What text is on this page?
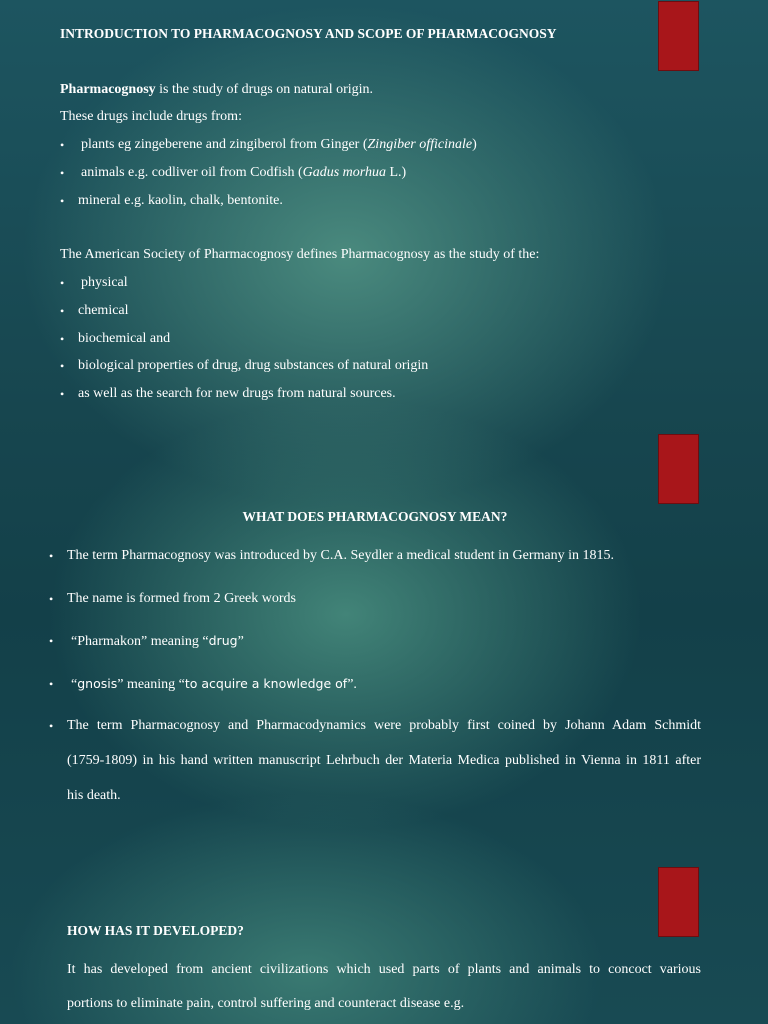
INTRODUCTION TO PHARMACOGNOSY AND SCOPE OF PHARMACOGNOSY
Pharmacognosy is the study of drugs on natural origin.
These drugs include drugs from:
• plants eg zingeberene and zingiberol from Ginger (Zingiber officinale)
• animals e.g. codliver oil from Codfish (Gadus morhua L.)
• mineral e.g. kaolin, chalk, bentonite.
The American Society of Pharmacognosy defines Pharmacognosy as the study of the:
• physical
• chemical
• biochemical and
• biological properties of drug, drug substances of natural origin
• as well as the search for new drugs from natural sources.
WHAT DOES PHARMACOGNOSY MEAN?
• The term Pharmacognosy was introduced by C.A. Seydler a medical student in Germany in 1815.
• The name is formed from 2 Greek words
• “Pharmakon” meaning “drug”
• “gnosis” meaning “to acquire a knowledge of”.
• The term Pharmacognosy and Pharmacodynamics were probably first coined by Johann Adam Schmidt
(1759-1809) in his hand written manuscript Lehrbuch der Materia Medica published in Vienna in 1811 after
his death.
HOW HAS IT DEVELOPED?
It has developed from ancient civilizations which used parts of plants and animals to concoct various
portions to eliminate pain, control suffering and counteract disease e.g.
